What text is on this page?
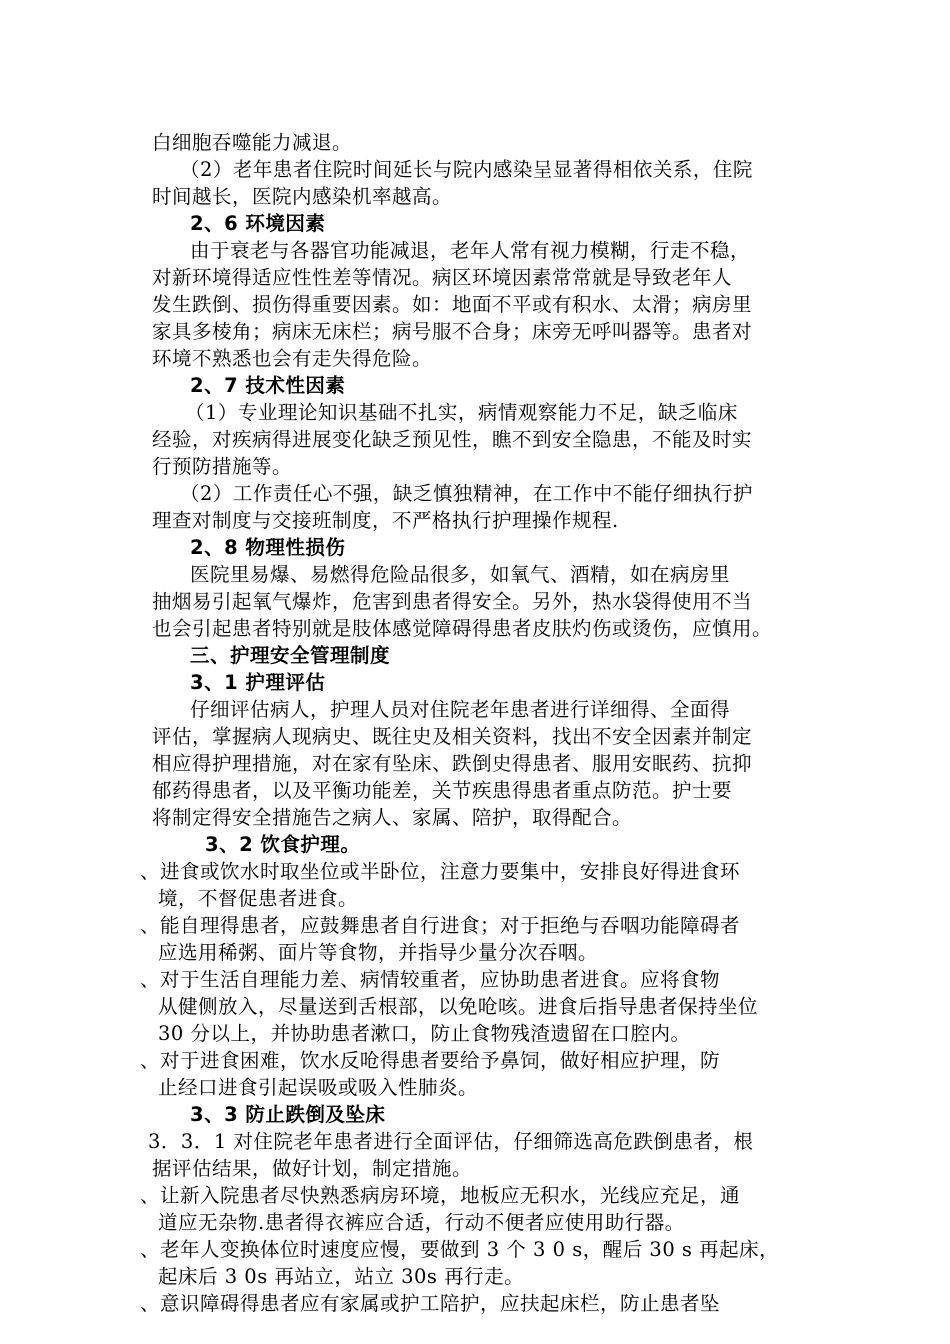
白细胞吞噬能力减退。
（2）老年患者住院时间延长与院内感染呈显著得相依关系，住院
时间越长，医院内感染机率越高。
2、6 环境因素
由于衰老与各器官功能减退，老年人常有视力模糊，行走不稳，
对新环境得适应性性差等情况。病区环境因素常常就是导致老年人
发生跌倒、损伤得重要因素。如：地面不平或有积水、太滑；病房里
家具多棱角；病床无床栏；病号服不合身；床旁无呼叫器等。患者对
环境不熟悉也会有走失得危险。
2、7 技术性因素
（1）专业理论知识基础不扎实，病情观察能力不足，缺乏临床
经验，对疾病得进展变化缺乏预见性，瞧不到安全隐患，不能及时实
行预防措施等。
（2）工作责任心不强，缺乏慎独精神，在工作中不能仔细执行护
理查对制度与交接班制度，不严格执行护理操作规程.
2、8 物理性损伤
医院里易爆、易燃得危险品很多，如氧气、酒精，如在病房里
抽烟易引起氧气爆炸，危害到患者得安全。另外，热水袋得使用不当
也会引起患者特别就是肢体感觉障碍得患者皮肤灼伤或烫伤，应慎用。
三、护理安全管理制度
3、1 护理评估
仔细评估病人，护理人员对住院老年患者进行详细得、全面得
评估，掌握病人现病史、既往史及相关资料，找出不安全因素并制定
相应得护理措施，对在家有坠床、跌倒史得患者、服用安眠药、抗抑
郁药得患者，以及平衡功能差，关节疾患得患者重点防范。护士要
将制定得安全措施告之病人、家属、陪护，取得配合。
3、2 饮食护理。
、进食或饮水时取坐位或半卧位，注意力要集中，安排良好得进食环
境，不督促患者进食。
、能自理得患者，应鼓舞患者自行进食；对于拒绝与吞咽功能障碍者
应选用稀粥、面片等食物，并指导少量分次吞咽。
、对于生活自理能力差、病情较重者，应协助患者进食。应将食物
从健侧放入，尽量送到舌根部，以免呛咳。进食后指导患者保持坐位
30 分以上，并协助患者漱口，防止食物残渣遗留在口腔内。
、对于进食困难，饮水反呛得患者要给予鼻饲，做好相应护理，防
止经口进食引起误吸或吸入性肺炎。
3、3 防止跌倒及坠床
3．3．1 对住院老年患者进行全面评估，仔细筛选高危跌倒患者，根
据评估结果，做好计划，制定措施。
、让新入院患者尽快熟悉病房环境，地板应无积水，光线应充足，通
道应无杂物.患者得衣裤应合适，行动不便者应使用助行器。
、老年人变换体位时速度应慢，要做到 3 个 3 0 s，醒后 30 s 再起床，
起床后 3 0s 再站立，站立 30s 再行走。
、意识障碍得患者应有家属或护工陪护，应扶起床栏，防止患者坠
